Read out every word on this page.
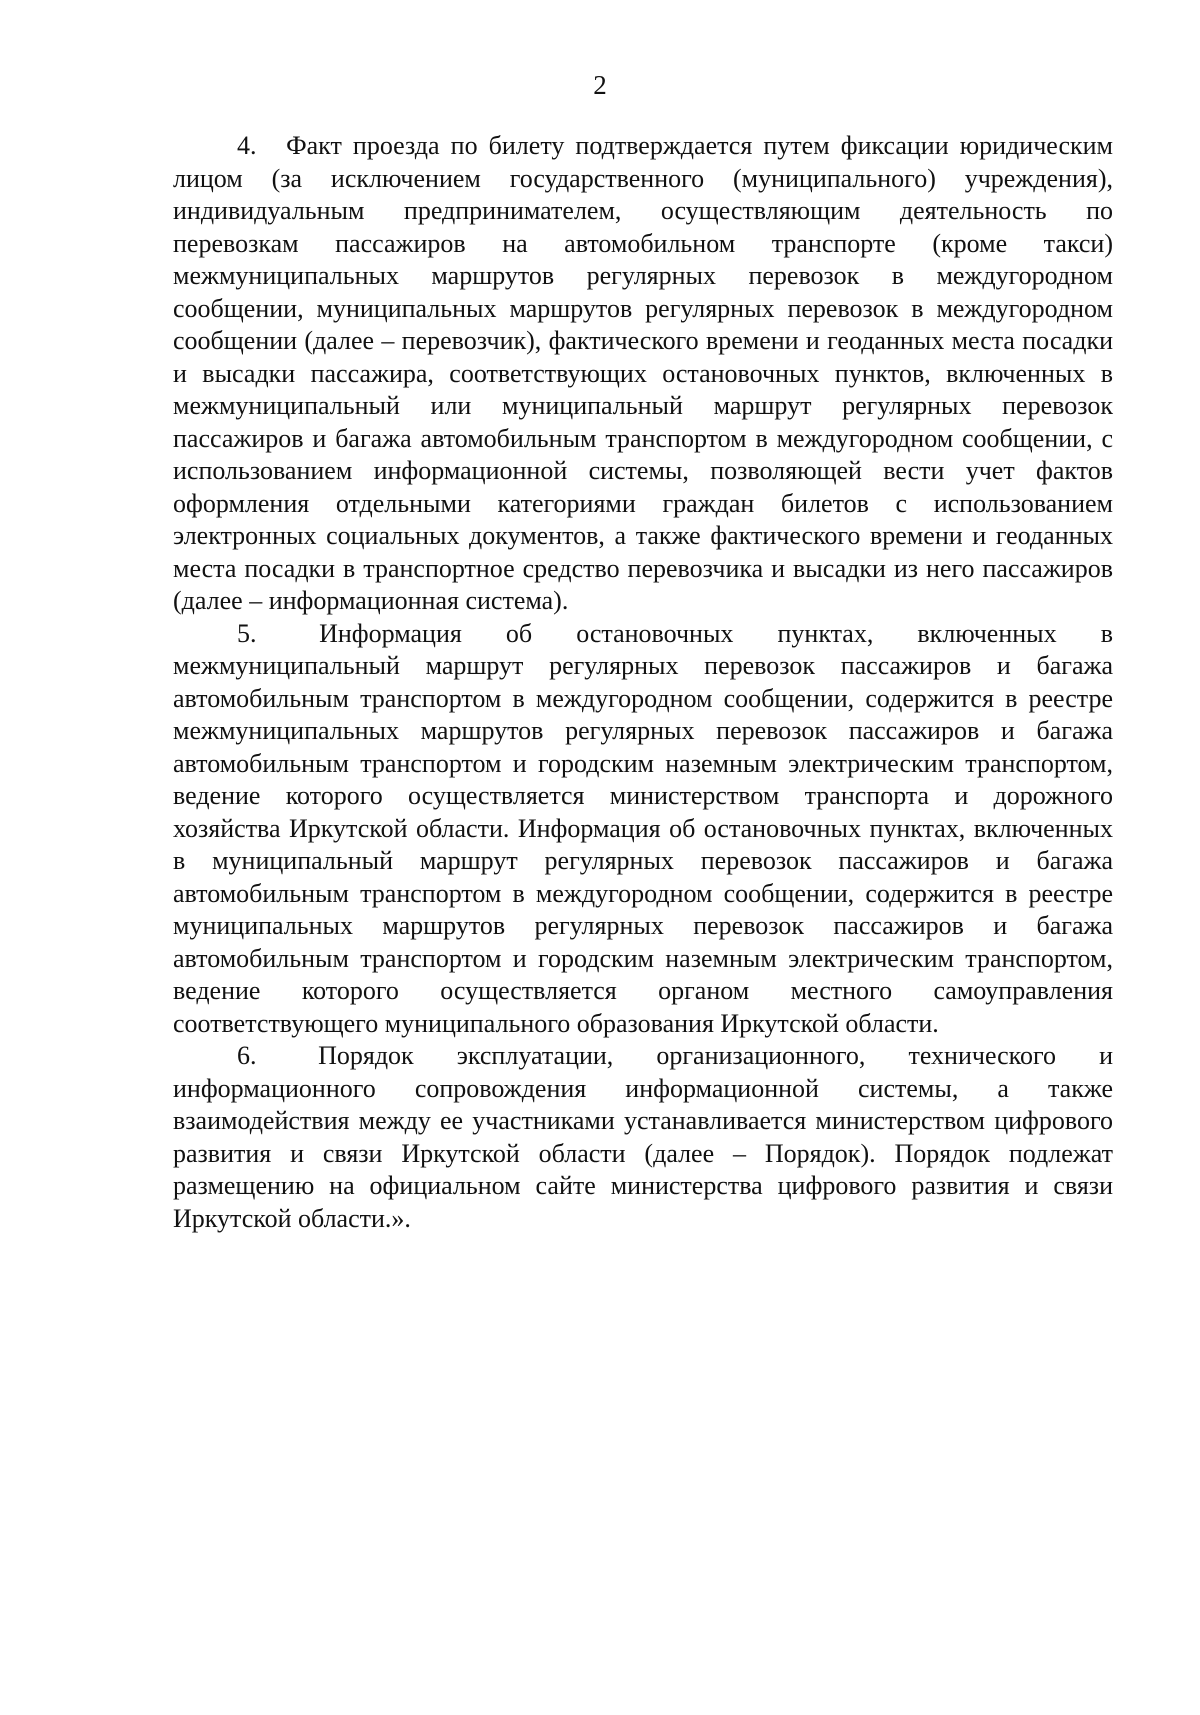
2

4. Факт проезда по билету подтверждается путем фиксации юридическим лицом (за исключением государственного (муниципального) учреждения), индивидуальным предпринимателем, осуществляющим деятельность по перевозкам пассажиров на автомобильном транспорте (кроме такси) межмуниципальных маршрутов регулярных перевозок в междугородном сообщении, муниципальных маршрутов регулярных перевозок в междугородном сообщении (далее – перевозчик), фактического времени и геоданных места посадки и высадки пассажира, соответствующих остановочных пунктов, включенных в межмуниципальный или муниципальный маршрут регулярных перевозок пассажиров и багажа автомобильным транспортом в междугородном сообщении, с использованием информационной системы, позволяющей вести учет фактов оформления отдельными категориями граждан билетов с использованием электронных социальных документов, а также фактического времени и геоданных места посадки в транспортное средство перевозчика и высадки из него пассажиров (далее – информационная система).

5. Информация об остановочных пунктах, включенных в межмуниципальный маршрут регулярных перевозок пассажиров и багажа автомобильным транспортом в междугородном сообщении, содержится в реестре межмуниципальных маршрутов регулярных перевозок пассажиров и багажа автомобильным транспортом и городским наземным электрическим транспортом, ведение которого осуществляется министерством транспорта и дорожного хозяйства Иркутской области. Информация об остановочных пунктах, включенных в муниципальный маршрут регулярных перевозок пассажиров и багажа автомобильным транспортом в междугородном сообщении, содержится в реестре муниципальных маршрутов регулярных перевозок пассажиров и багажа автомобильным транспортом и городским наземным электрическим транспортом, ведение которого осуществляется органом местного самоуправления соответствующего муниципального образования Иркутской области.

6. Порядок эксплуатации, организационного, технического и информационного сопровождения информационной системы, а также взаимодействия между ее участниками устанавливается министерством цифрового развития и связи Иркутской области (далее – Порядок). Порядок подлежат размещению на официальном сайте министерства цифрового развития и связи Иркутской области.».
